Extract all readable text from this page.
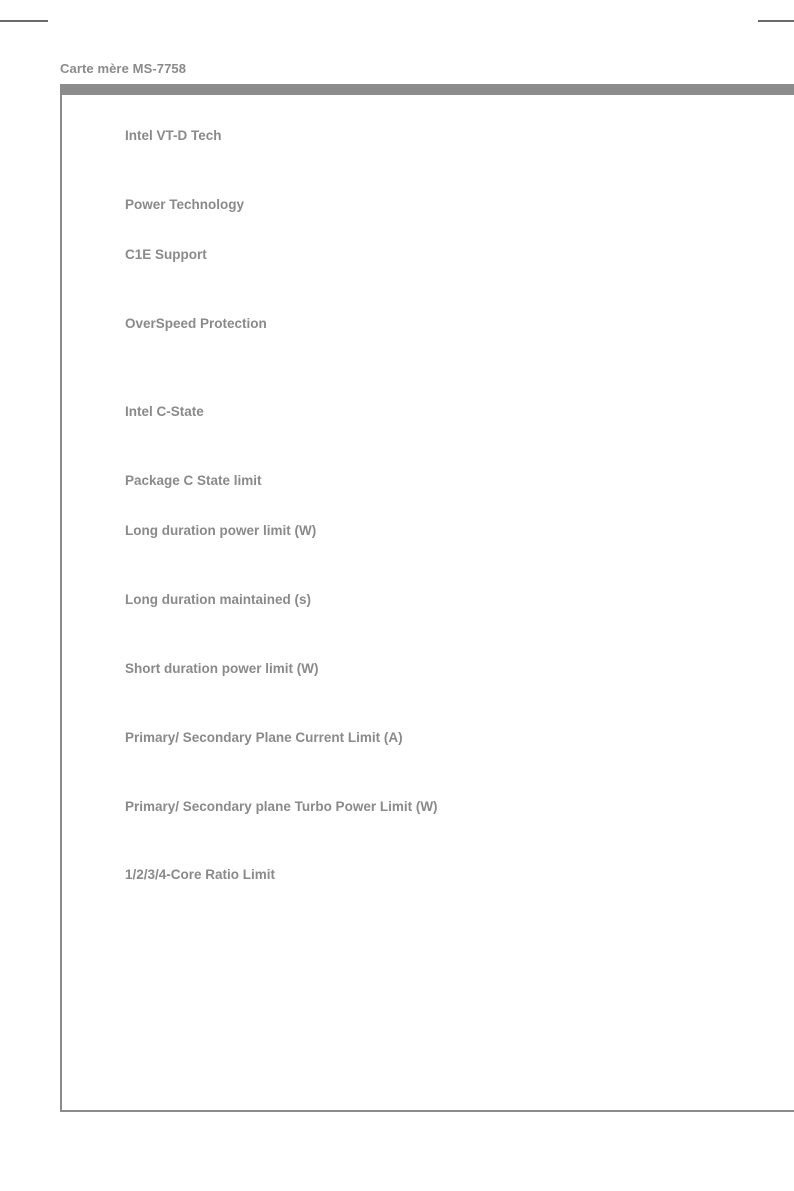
Carte mère MS-7758
Intel VT-D Tech
Power Technology
C1E Support
OverSpeed Protection
Intel C-State
Package C State limit
Long duration power limit (W)
Long duration maintained (s)
Short duration power limit (W)
Primary/ Secondary Plane Current Limit (A)
Primary/ Secondary plane Turbo Power Limit (W)
1/2/3/4-Core Ratio Limit
